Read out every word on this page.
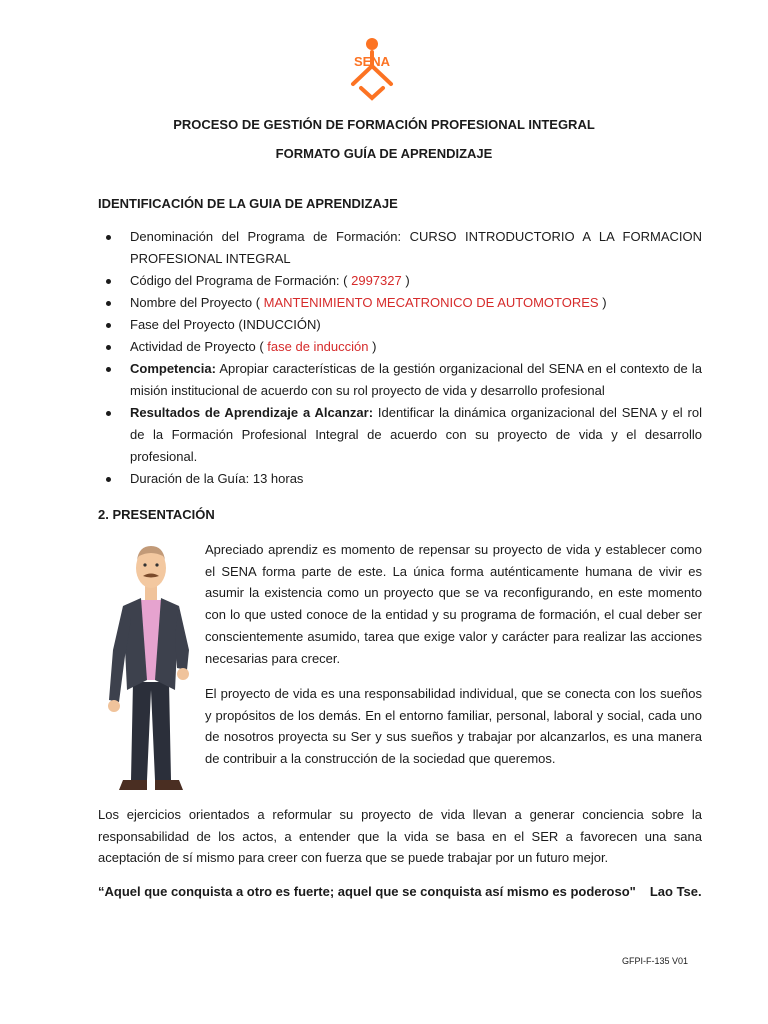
SENA
PROCESO DE GESTIÓN DE FORMACIÓN PROFESIONAL INTEGRAL
FORMATO GUÍA DE APRENDIZAJE
IDENTIFICACIÓN DE LA GUIA DE APRENDIZAJE
Denominación del Programa de Formación: CURSO INTRODUCTORIO A LA FORMACION PROFESIONAL INTEGRAL
Código del Programa de Formación: ( 2997327 )
Nombre del Proyecto ( MANTENIMIENTO MECATRONICO DE AUTOMOTORES )
Fase del Proyecto (INDUCCIÓN)
Actividad de Proyecto ( fase de inducción )
Competencia: Apropiar características de la gestión organizacional del SENA en el contexto de la misión institucional de acuerdo con su rol proyecto de vida y desarrollo profesional
Resultados de Aprendizaje a Alcanzar: Identificar la dinámica organizacional del SENA y el rol de la Formación Profesional Integral de acuerdo con su proyecto de vida y el desarrollo profesional.
Duración de la Guía: 13 horas
2. PRESENTACIÓN

Apreciado aprendiz es momento de repensar su proyecto de vida y establecer como el SENA forma parte de este. La única forma auténticamente humana de vivir es asumir la existencia como un proyecto que se va reconfigurando, en este momento con lo que usted conoce de la entidad y su programa de formación, el cual deber ser conscientemente asumido, tarea que exige valor y carácter para realizar las acciones necesarias para crecer.

El proyecto de vida es una responsabilidad individual, que se conecta con los sueños y propósitos de los demás. En el entorno familiar, personal, laboral y social, cada uno de nosotros proyecta su Ser y sus sueños y trabajar por alcanzarlos, es una manera de contribuir a la construcción de la sociedad que queremos.

Los ejercicios orientados a reformular su proyecto de vida llevan a generar conciencia sobre la responsabilidad de los actos, a entender que la vida se basa en el SER a favorecen una sana aceptación de sí mismo para creer con fuerza que se puede trabajar por un futuro mejor.

“Aquel que conquista a otro es fuerte; aquel que se conquista así mismo es poderoso" Lao Tse.
GFPI-F-135 V01
